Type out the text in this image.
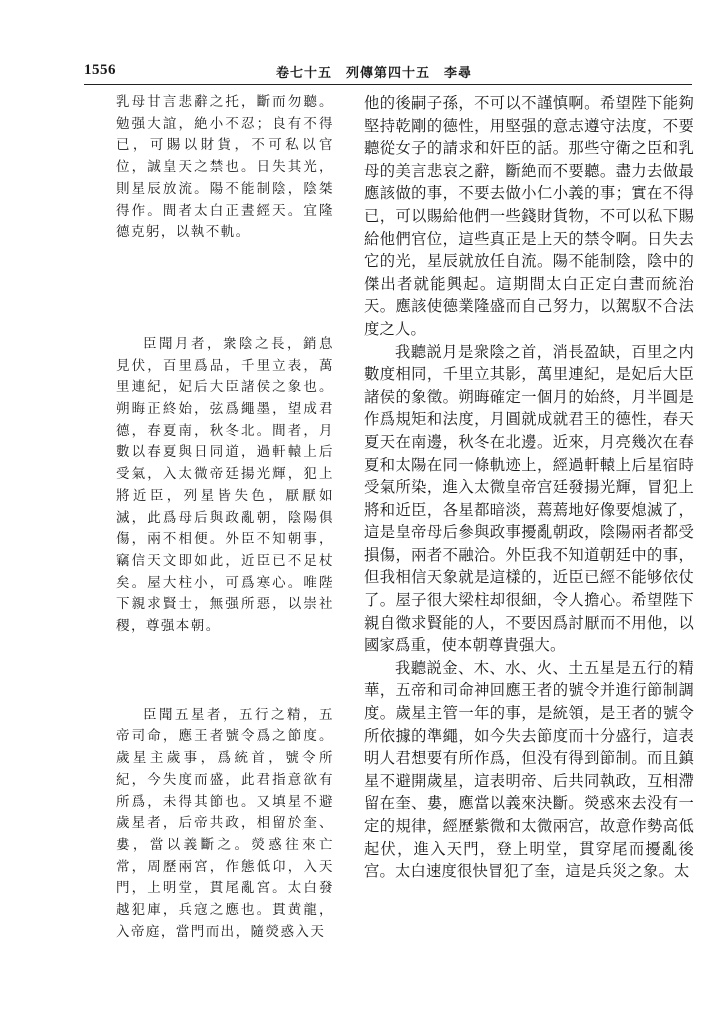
1556	卷七十五　列傳第四十五　李尋

乳母甘言悲辭之托，斷而勿聽。勉强大誼，絶小不忍；良有不得已，可賜以財貨，不可私以官位，誠皇天之禁也。日失其光，則星辰放流。陽不能制陰，陰桀得作。間者太白正晝經天。宜隆德克躬，以執不軌。

臣聞月者，衆陰之長，銷息見伏，百里爲品，千里立表，萬里連紀，妃后大臣諸侯之象也。朔晦正終始，弦爲繩墨，望成君德，春夏南，秋冬北。間者，月數以春夏與日同道，過軒轅上后受氣，入太微帝廷揚光輝，犯上將近臣，列星皆失色，厭厭如滅，此爲母后與政亂朝，陰陽俱傷，兩不相便。外臣不知朝事，竊信天文即如此，近臣已不足杖矣。屋大柱小，可爲寒心。唯陛下親求賢士，無强所惡，以崇社稷，尊强本朝。

臣聞五星者，五行之精，五帝司命，應王者號令爲之節度。歲星主歲事，爲統首，號令所紀，今失度而盛，此君指意欲有所爲，未得其節也。又填星不避歲星者，后帝共政，相留於奎、婁，當以義斷之。熒惑往來亡常，周歷兩宮，作態低卬，入天門，上明堂，貫尾亂宮。太白發越犯庫，兵寇之應也。貫黄龍，入帝庭，當門而出，隨熒惑入天

他的後嗣子孫，不可以不謹慎啊。希望陛下能夠堅持乾剛的德性，用堅强的意志遵守法度，不要聽從女子的請求和奸臣的話。那些守衛之臣和乳母的美言悲哀之辭，斷絶而不要聽。盡力去做最應該做的事，不要去做小仁小義的事；實在不得已，可以賜給他們一些錢財貨物，不可以私下賜給他們官位，這些真正是上天的禁令啊。日失去它的光，星辰就放任自流。陽不能制陰，陰中的傑出者就能興起。這期間太白正定白晝而統治天。應該使德業隆盛而自己努力，以駕馭不合法度之人。

我聽説月是衆陰之首，消長盈缺，百里之内數度相同，千里立其影，萬里連紀，是妃后大臣諸侯的象徵。朔晦確定一個月的始終，月半圓是作爲規矩和法度，月圓就成就君王的德性，春天夏天在南邊，秋冬在北邊。近來，月亮幾次在春夏和太陽在同一條軌迹上，經過軒轅上后星宿時受氣所染，進入太微皇帝宫廷發揚光輝，冒犯上將和近臣，各星都暗淡，蔫蔫地好像要熄滅了，這是皇帝母后參與政事擾亂朝政，陰陽兩者都受損傷，兩者不融洽。外臣我不知道朝廷中的事，但我相信天象就是這樣的，近臣已經不能够依仗了。屋子很大梁柱却很細，令人擔心。希望陛下親自徵求賢能的人，不要因爲討厭而不用他，以國家爲重，使本朝尊貴强大。

我聽説金、木、水、火、土五星是五行的精華，五帝和司命神回應王者的號令并進行節制調度。歲星主管一年的事，是統領，是王者的號令所依據的準繩，如今失去節度而十分盛行，這表明人君想要有所作爲，但没有得到節制。而且鎮星不避開歲星，這表明帝、后共同執政，互相滯留在奎、婁，應當以義來決斷。熒惑來去没有一定的規律，經歷紫微和太微兩宫，故意作勢高低起伏，進入天門，登上明堂，貫穿尾而擾亂後宫。太白速度很快冒犯了奎，這是兵災之象。太
